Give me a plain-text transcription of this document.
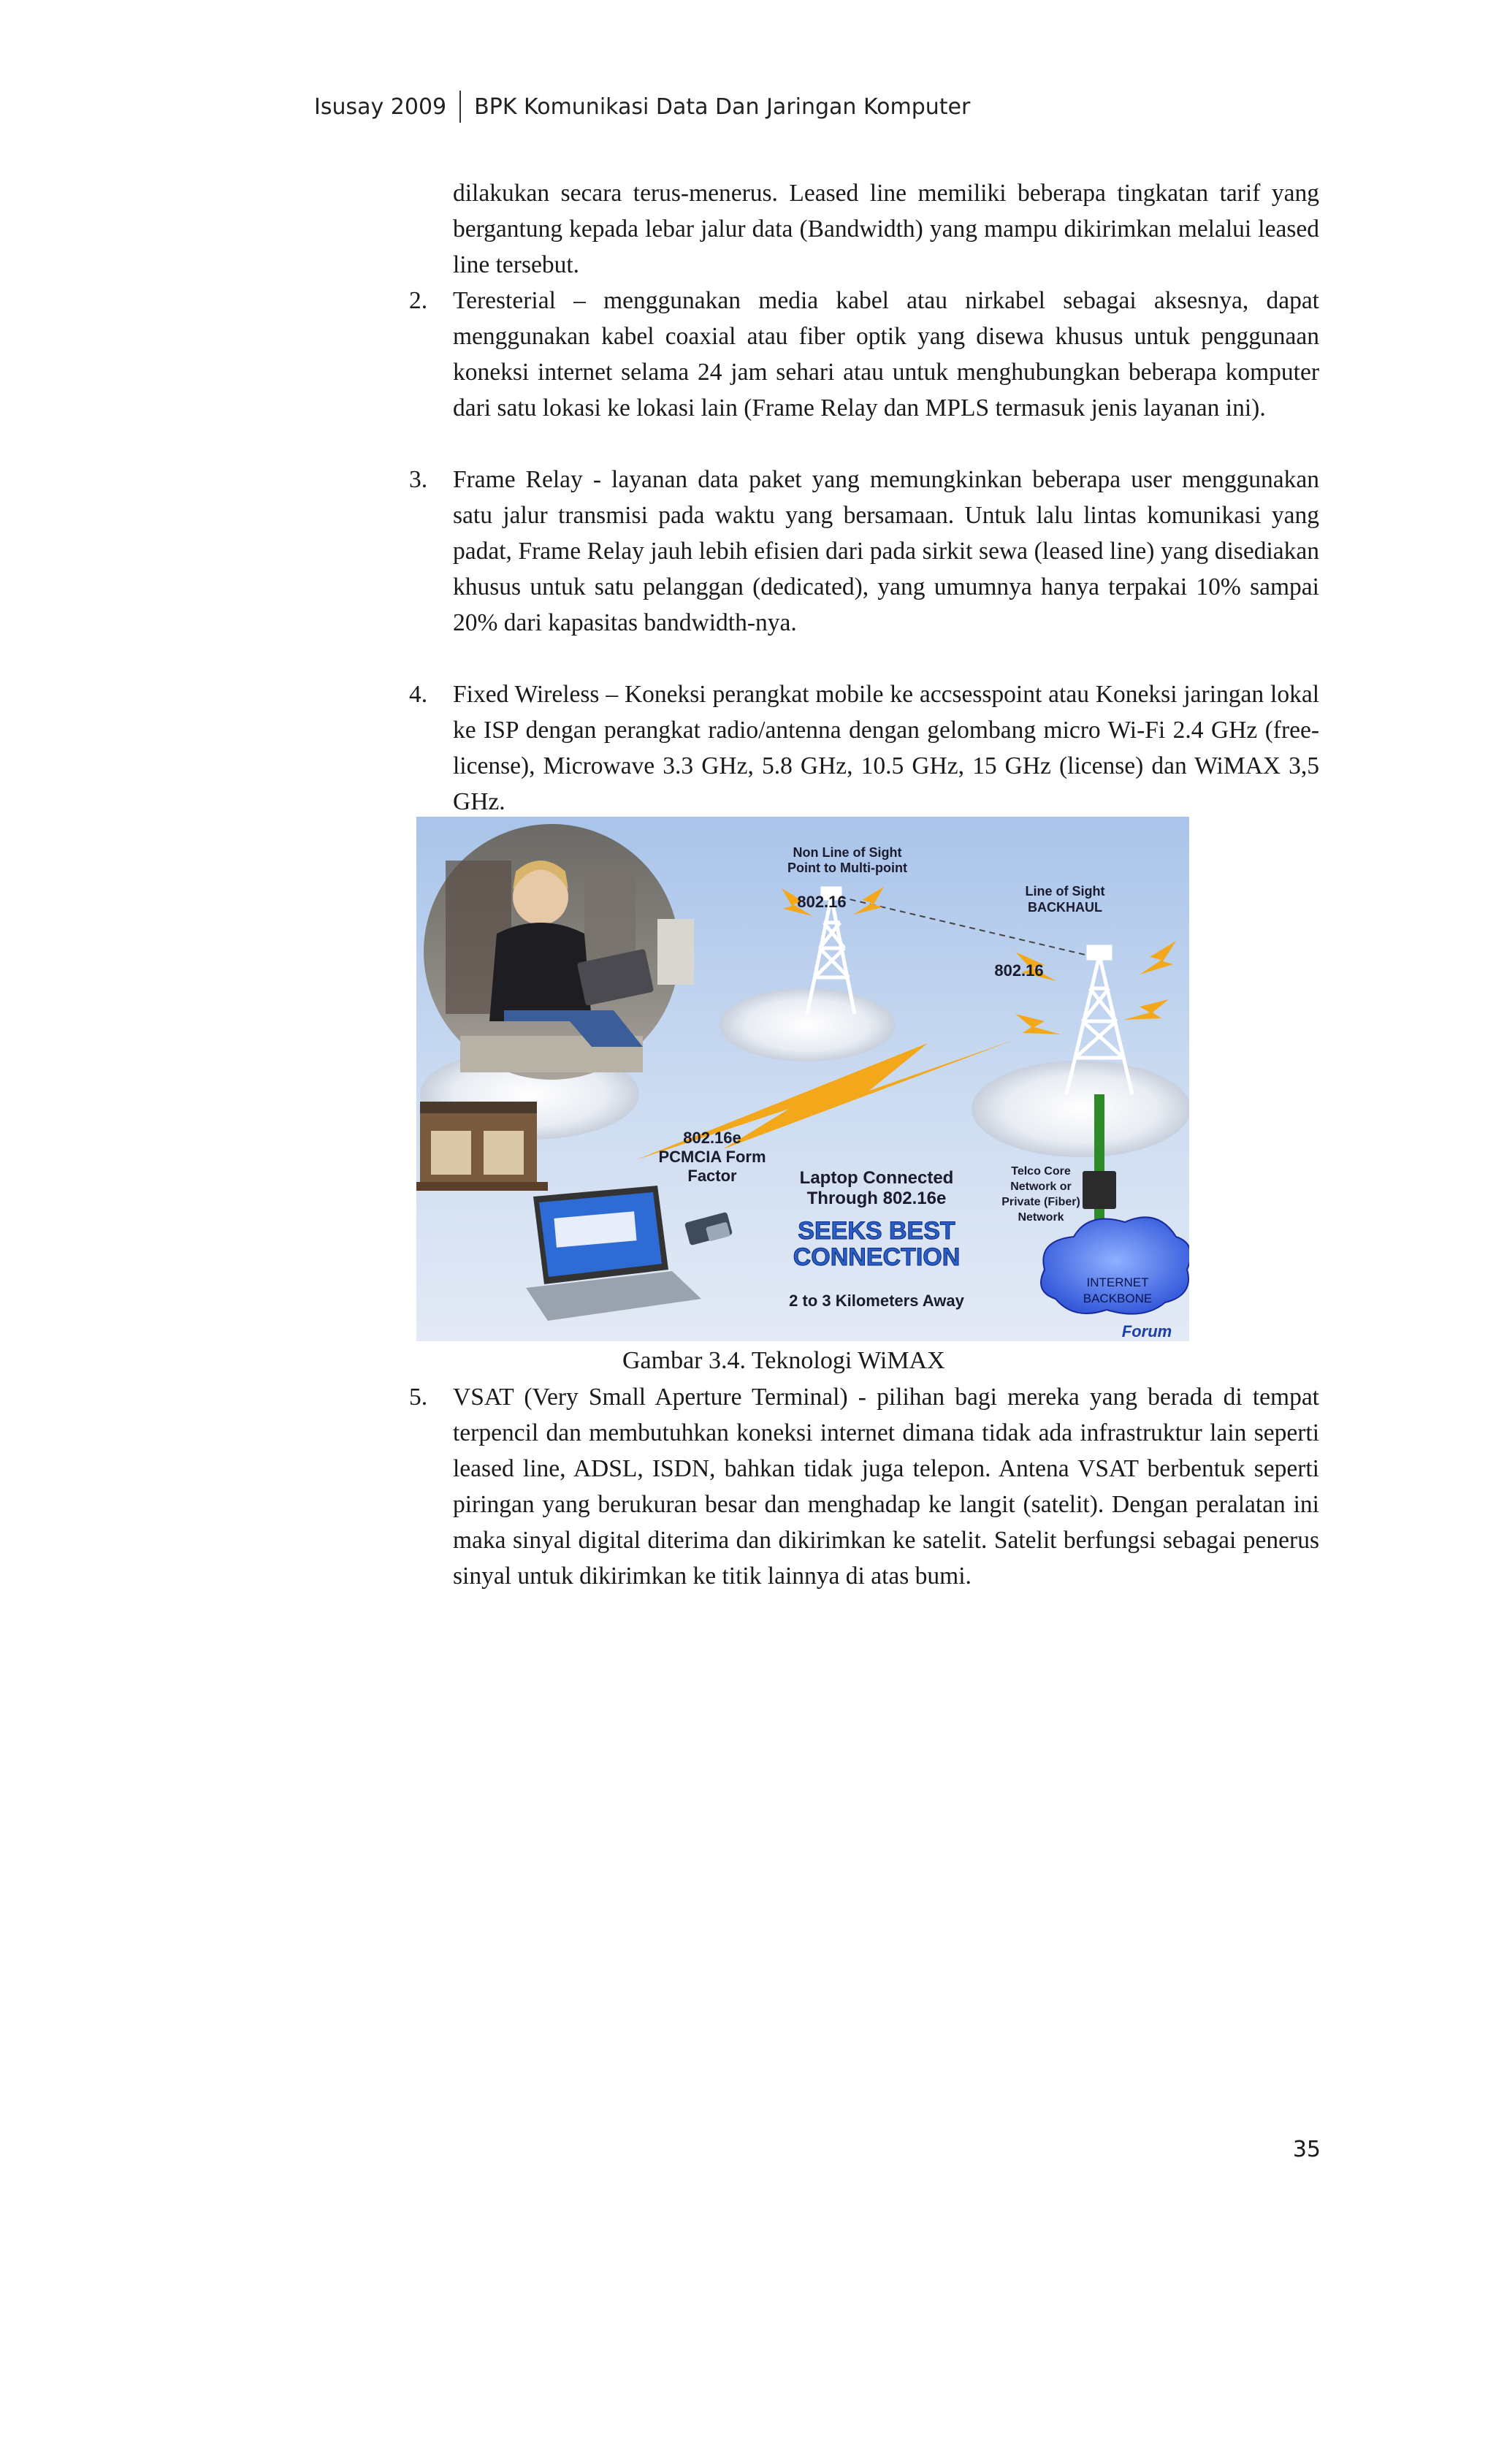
Isusay 2009 BPK Komunikasi Data Dan Jaringan Komputer

dilakukan secara terus-menerus. Leased line memiliki beberapa tingkatan tarif yang bergantung kepada lebar jalur data (Bandwidth) yang mampu dikirimkan melalui leased line tersebut.

2. Teresterial – menggunakan media kabel atau nirkabel sebagai aksesnya, dapat menggunakan kabel coaxial atau fiber optik yang disewa khusus untuk penggunaan koneksi internet selama 24 jam sehari atau untuk menghubungkan beberapa komputer dari satu lokasi ke lokasi lain (Frame Relay dan MPLS termasuk jenis layanan ini).
3. Frame Relay - layanan data paket yang memungkinkan beberapa user menggunakan satu jalur transmisi pada waktu yang bersamaan. Untuk lalu lintas komunikasi yang padat, Frame Relay jauh lebih efisien dari pada sirkit sewa (leased line) yang disediakan khusus untuk satu pelanggan (dedicated), yang umumnya hanya terpakai 10% sampai 20% dari kapasitas bandwidth-nya.
4. Fixed Wireless – Koneksi perangkat mobile ke accsesspoint atau Koneksi jaringan lokal ke ISP dengan perangkat radio/antenna dengan gelombang micro Wi-Fi 2.4 GHz (free-license), Microwave 3.3 GHz, 5.8 GHz, 10.5 GHz, 15 GHz (license) dan WiMAX 3,5 GHz.
Non Line of Sight
Point to Multi-point
802.16
Line of Sight
BACKHAUL
802.16
802.16e
PCMCIA Form
Factor	Laptop Connected
Through 802.16e
SEEKS BEST
CONNECTION
2 to 3 Kilometers Away
Telco Core
Network or
Private (Fiber)
Network
INTERNET
BACKBONE
Forum
Gambar 3.4. Teknologi WiMAX
5. VSAT (Very Small Aperture Terminal) - pilihan bagi mereka yang berada di tempat terpencil dan membutuhkan koneksi internet dimana tidak ada infrastruktur lain seperti leased line, ADSL, ISDN, bahkan tidak juga telepon. Antena VSAT berbentuk seperti piringan yang berukuran besar dan menghadap ke langit (satelit). Dengan peralatan ini maka sinyal digital diterima dan dikirimkan ke satelit. Satelit berfungsi sebagai penerus sinyal untuk dikirimkan ke titik lainnya di atas bumi.
35
